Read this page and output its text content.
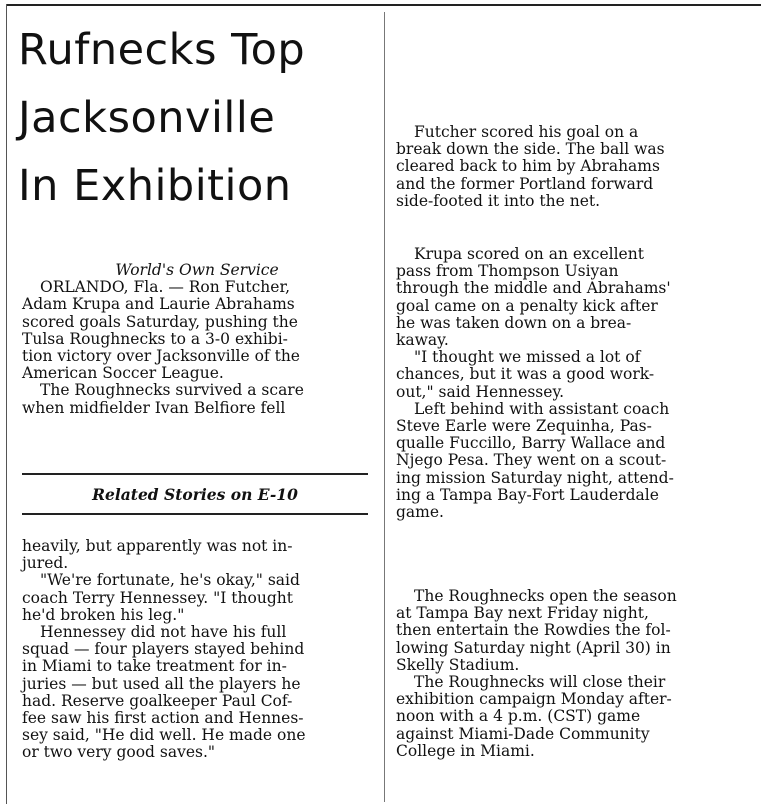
Rufnecks Top
Jacksonville
In Exhibition

World's Own Service

ORLANDO, Fla. — Ron Futcher,

Adam Krupa and Laurie Abrahams

scored goals Saturday, pushing the

Tulsa Roughnecks to a 3-0 exhibi-

tion victory over Jacksonville of the

American Soccer League.

The Roughnecks survived a scare

when midfielder Ivan Belfiore fell

Related Stories on E-10

heavily, but apparently was not in-

jured.

"We're fortunate, he's okay," said

coach Terry Hennessey. "I thought

he'd broken his leg."

Hennessey did not have his full

squad — four players stayed behind

in Miami to take treatment for in-

juries — but used all the players he

had. Reserve goalkeeper Paul Cof-

fee saw his first action and Hennes-

sey said, "He did well. He made one

or two very good saves."

Futcher scored his goal on a

break down the side. The ball was

cleared back to him by Abrahams

and the former Portland forward

side-footed it into the net.

Krupa scored on an excellent

pass from Thompson Usiyan

through the middle and Abrahams'

goal came on a penalty kick after

he was taken down on a brea-

kaway.

"I thought we missed a lot of

chances, but it was a good work-

out," said Hennessey.

Left behind with assistant coach

Steve Earle were Zequinha, Pas-

qualle Fuccillo, Barry Wallace and

Njego Pesa. They went on a scout-

ing mission Saturday night, attend-

ing a Tampa Bay-Fort Lauderdale

game.

The Roughnecks open the season

at Tampa Bay next Friday night,

then entertain the Rowdies the fol-

lowing Saturday night (April 30) in

Skelly Stadium.

The Roughnecks will close their

exhibition campaign Monday after-

noon with a 4 p.m. (CST) game

against Miami-Dade Community

College in Miami.
